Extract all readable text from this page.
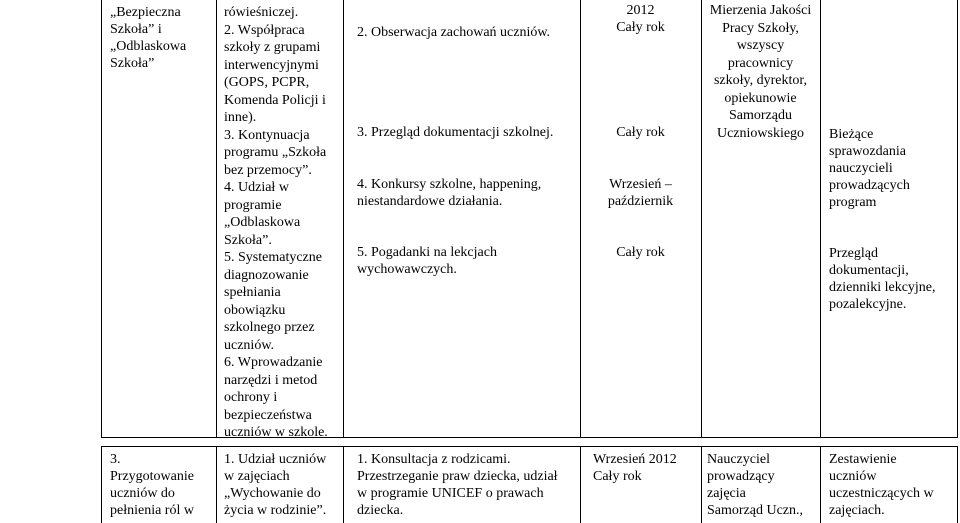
„Bezpieczna
Szkoła” i
„Odblaskowa
Szkoła”

rówieśniczej.
2. Współpraca
szkoły z grupami
interwencyjnymi
(GOPS, PCPR,
Komenda Policji i
inne).
3. Kontynuacja
programu „Szkoła
bez przemocy”.
4. Udział w
programie
„Odblaskowa
Szkoła”.
5. Systematyczne
diagnozowanie
spełniania
obowiązku
szkolnego przez
uczniów.
6. Wprowadzanie
narzędzi i metod
ochrony i
bezpieczeństwa
uczniów w szkole.

2. Obserwacja zachowań uczniów.

3. Przegląd dokumentacji szkolnej.

4. Konkursy szkolne, happening,
niestandardowe działania.

5. Pogadanki na lekcjach
wychowawczych.

2012
Cały rok

Cały rok

Wrzesień –
październik

Cały rok

Mierzenia Jakości
Pracy Szkoły,
wszyscy
pracownicy
szkoły, dyrektor,
opiekunowie
Samorządu
Uczniowskiego	Bieżące
sprawozdania
nauczycieli
prowadzących
program

Przegląd
dokumentacji,
dzienniki lekcyjne,
pozalekcyjne.

3.
Przygotowanie
uczniów do
pełnienia ról w

1. Udział uczniów
w zajęciach
„Wychowanie do
życia w rodzinie”.

1. Konsultacja z rodzicami.
Przestrzeganie praw dziecka, udział
w programie UNICEF o prawach
dziecka.

Wrzesień 2012
Cały rok

Nauczyciel
prowadzący
zajęcia
Samorząd Uczn.,

Zestawienie
uczniów
uczestniczących w
zajęciach.
